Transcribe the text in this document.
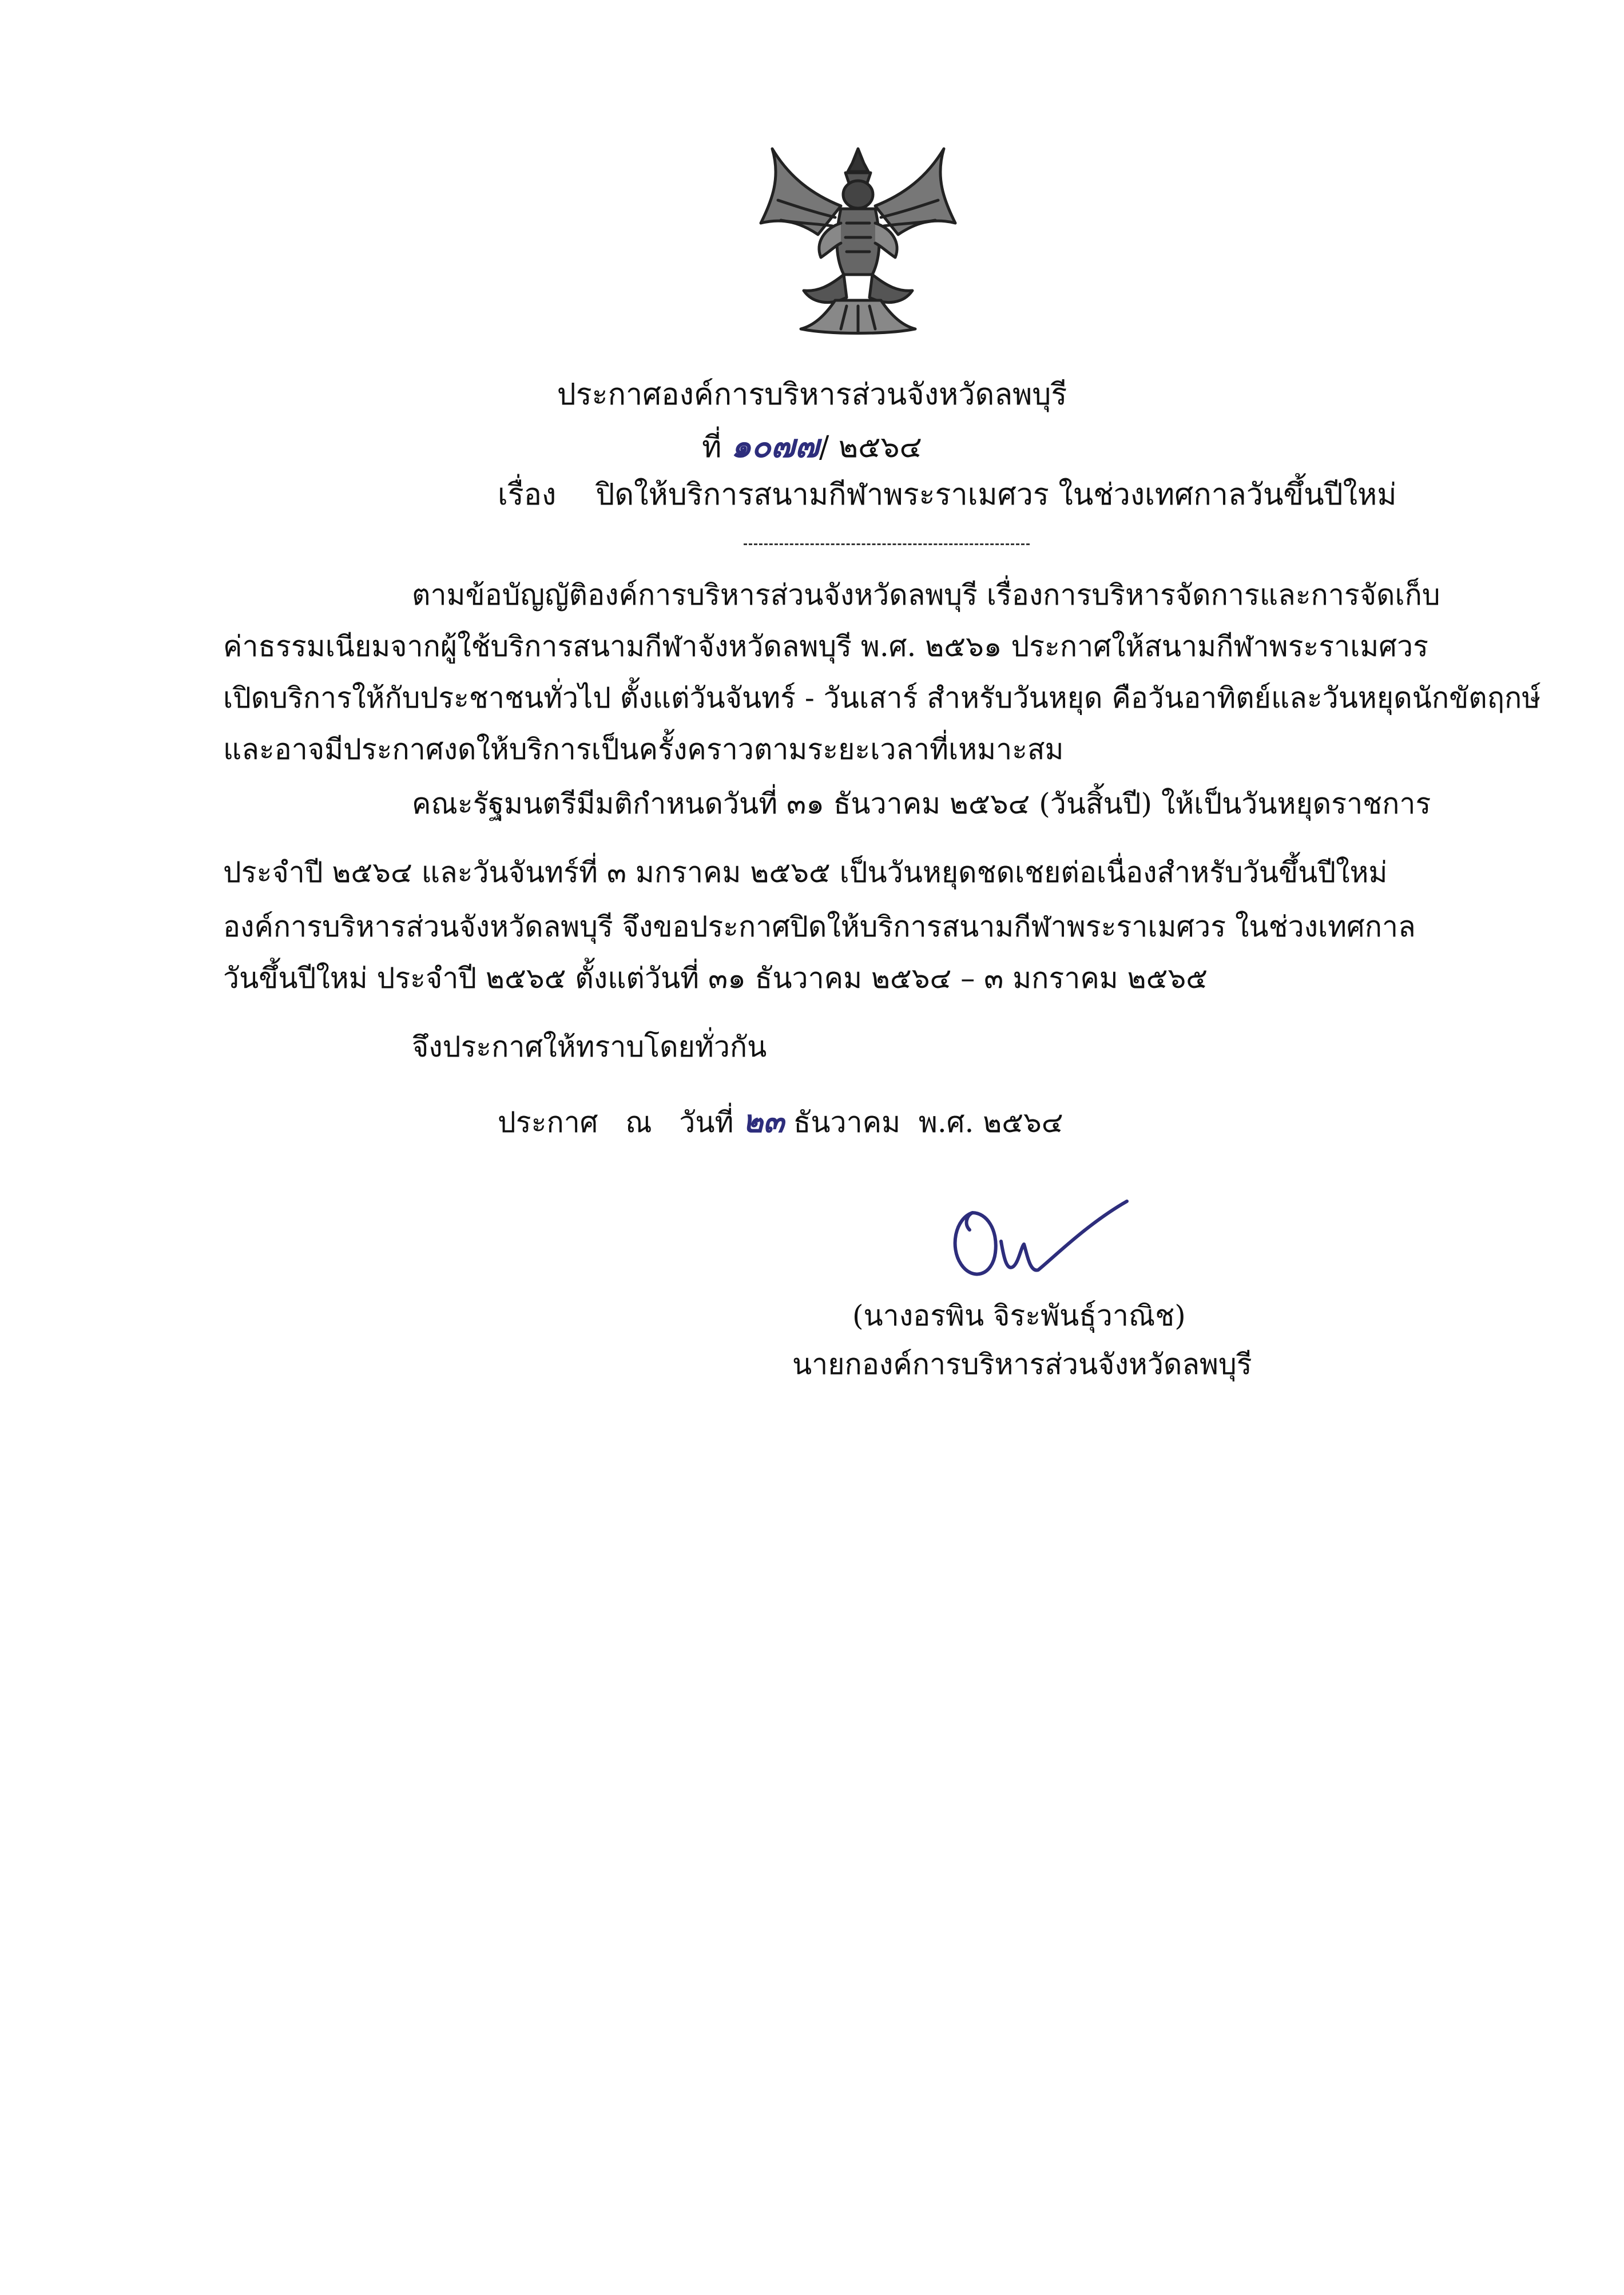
ประกาศองค์การบริหารส่วนจังหวัดลพบุรี
ที่ ๑๐๗๗/ ๒๕๖๔
เรื่อง ปิดให้บริการสนามกีฬาพระราเมศวร ในช่วงเทศกาลวันขึ้นปีใหม่
ตามข้อบัญญัติองค์การบริหารส่วนจังหวัดลพบุรี เรื่องการบริหารจัดการและการจัดเก็บ
ค่าธรรมเนียมจากผู้ใช้บริการสนามกีฬาจังหวัดลพบุรี พ.ศ. ๒๕๖๑ ประกาศให้สนามกีฬาพระราเมศวร
เปิดบริการให้กับประชาชนทั่วไป ตั้งแต่วันจันทร์ - วันเสาร์ สำหรับวันหยุด คือวันอาทิตย์และวันหยุดนักขัตฤกษ์
และอาจมีประกาศงดให้บริการเป็นครั้งคราวตามระยะเวลาที่เหมาะสม
คณะรัฐมนตรีมีมติกำหนดวันที่ ๓๑ ธันวาคม ๒๕๖๔ (วันสิ้นปี) ให้เป็นวันหยุดราชการ
ประจำปี ๒๕๖๔ และวันจันทร์ที่ ๓ มกราคม ๒๕๖๕ เป็นวันหยุดชดเชยต่อเนื่องสำหรับวันขึ้นปีใหม่
องค์การบริหารส่วนจังหวัดลพบุรี จึงขอประกาศปิดให้บริการสนามกีฬาพระราเมศวร ในช่วงเทศกาล
วันขึ้นปีใหม่ ประจำปี ๒๕๖๕ ตั้งแต่วันที่ ๓๑ ธันวาคม ๒๕๖๔ – ๓ มกราคม ๒๕๖๕
จึงประกาศให้ทราบโดยทั่วกัน
ประกาศ   ณ   วันที่ ๒๓ ธันวาคม  พ.ศ. ๒๕๖๔
(นางอรพิน จิระพันธุ์วาณิช)
นายกองค์การบริหารส่วนจังหวัดลพบุรี
